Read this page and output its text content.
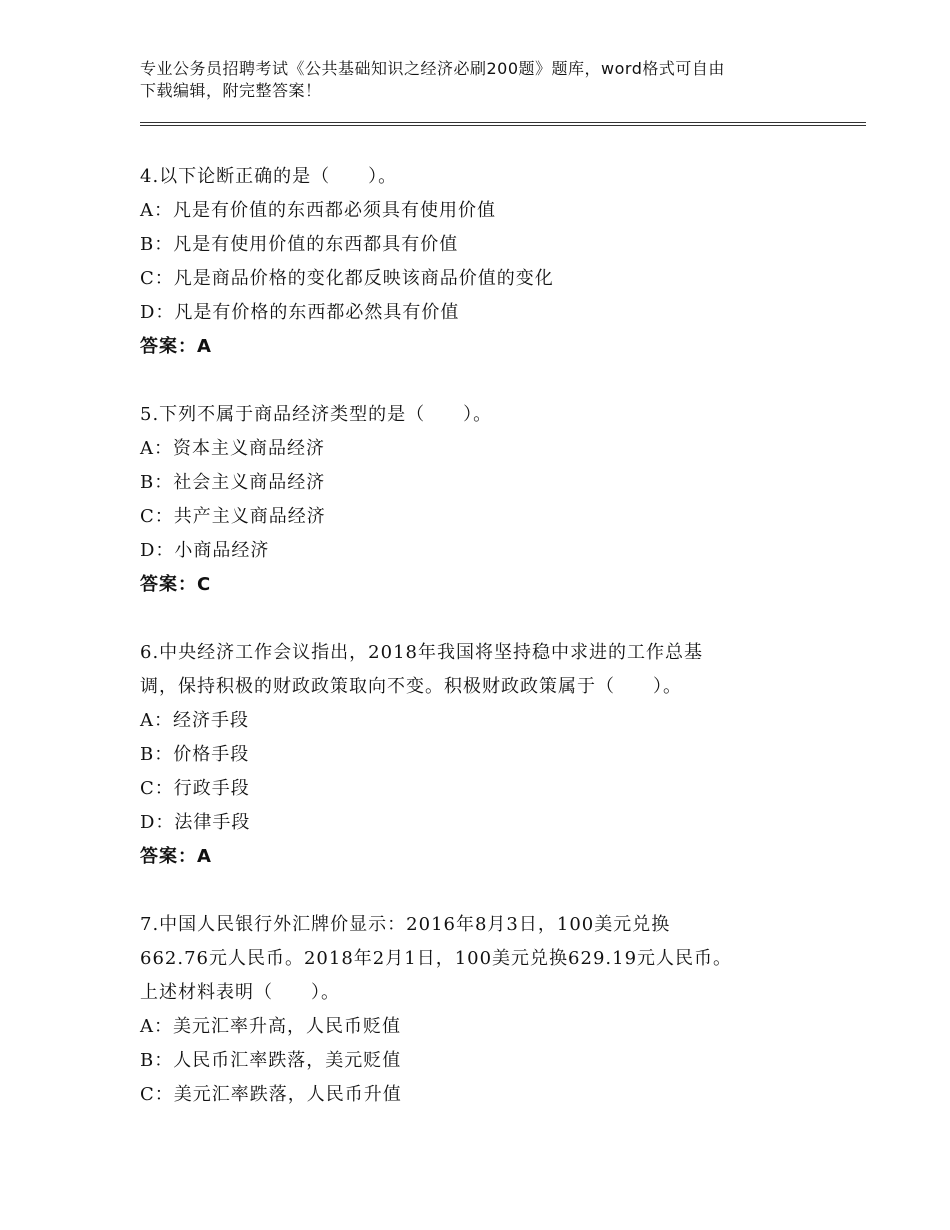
专业公务员招聘考试《公共基础知识之经济必刷200题》题库，word格式可自由
下载编辑，附完整答案！
4.以下论断正确的是（　　）。
A：凡是有价值的东西都必须具有使用价值
B：凡是有使用价值的东西都具有价值
C：凡是商品价格的变化都反映该商品价值的变化
D：凡是有价格的东西都必然具有价值
答案：A
5.下列不属于商品经济类型的是（　　）。
A：资本主义商品经济
B：社会主义商品经济
C：共产主义商品经济
D：小商品经济
答案：C
6.中央经济工作会议指出，2018年我国将坚持稳中求进的工作总基
调，保持积极的财政政策取向不变。积极财政政策属于（　　）。
A：经济手段
B：价格手段
C：行政手段
D：法律手段
答案：A
7.中国人民银行外汇牌价显示：2016年8月3日，100美元兑换
662.76元人民币。2018年2月1日，100美元兑换629.19元人民币。
上述材料表明（　　）。
A：美元汇率升高，人民币贬值
B：人民币汇率跌落，美元贬值
C：美元汇率跌落，人民币升值
